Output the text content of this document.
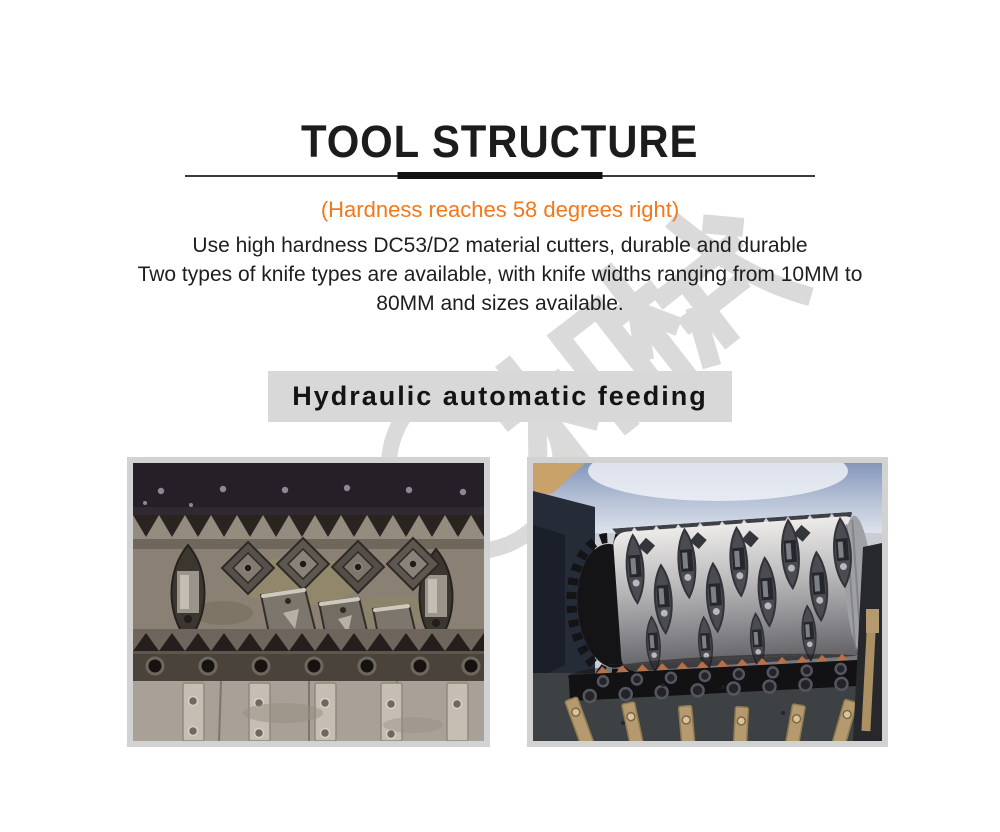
TOOL STRUCTURE
(Hardness reaches 58 degrees right)
Use high hardness DC53/D2 material cutters, durable and durable
Two types of knife types are available, with knife widths ranging from 10MM to
80MM and sizes available.
Hydraulic automatic feeding
